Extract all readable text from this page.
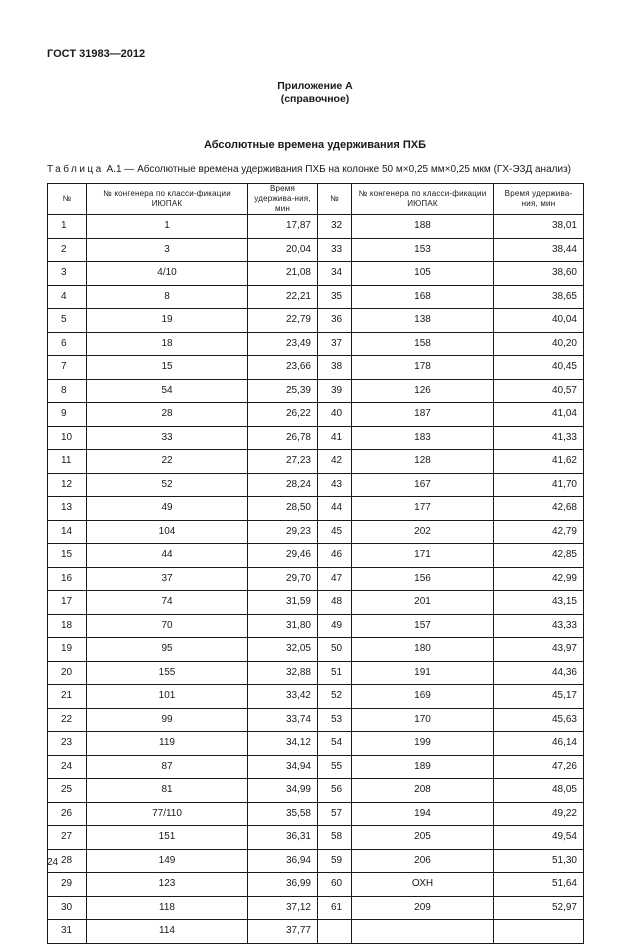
ГОСТ 31983—2012
Приложение А
(справочное)
Абсолютные времена удерживания ПХБ
Таблица А.1 — Абсолютные времена удерживания ПХБ на колонке 50 м×0,25 мм×0,25 мкм (ГХ-ЭЗД анализ)
№	№ конгенера по класси-фикации ИЮПАК	Время удержива-ния, мин	№	№ конгенера по класси-фикации ИЮПАК	Время удержива-ния, мин
1	1	17,87	32	188	38,01
2	3	20,04	33	153	38,44
3	4/10	21,08	34	105	38,60
4	8	22,21	35	168	38,65
5	19	22,79	36	138	40,04
6	18	23,49	37	158	40,20
7	15	23,66	38	178	40,45
8	54	25,39	39	126	40,57
9	28	26,22	40	187	41,04
10	33	26,78	41	183	41,33
11	22	27,23	42	128	41,62
12	52	28,24	43	167	41,70
13	49	28,50	44	177	42,68
14	104	29,23	45	202	42,79
15	44	29,46	46	171	42,85
16	37	29,70	47	156	42,99
17	74	31,59	48	201	43,15
18	70	31,80	49	157	43,33
19	95	32,05	50	180	43,97
20	155	32,88	51	191	44,36
21	101	33,42	52	169	45,17
22	99	33,74	53	170	45,63
23	119	34,12	54	199	46,14
24	87	34,94	55	189	47,26
25	81	34,99	56	208	48,05
26	77/110	35,58	57	194	49,22
27	151	36,31	58	205	49,54
28	149	36,94	59	206	51,30
29	123	36,99	60	ОХН	51,64
30	118	37,12	61	209	52,97
31	114	37,77			
24
